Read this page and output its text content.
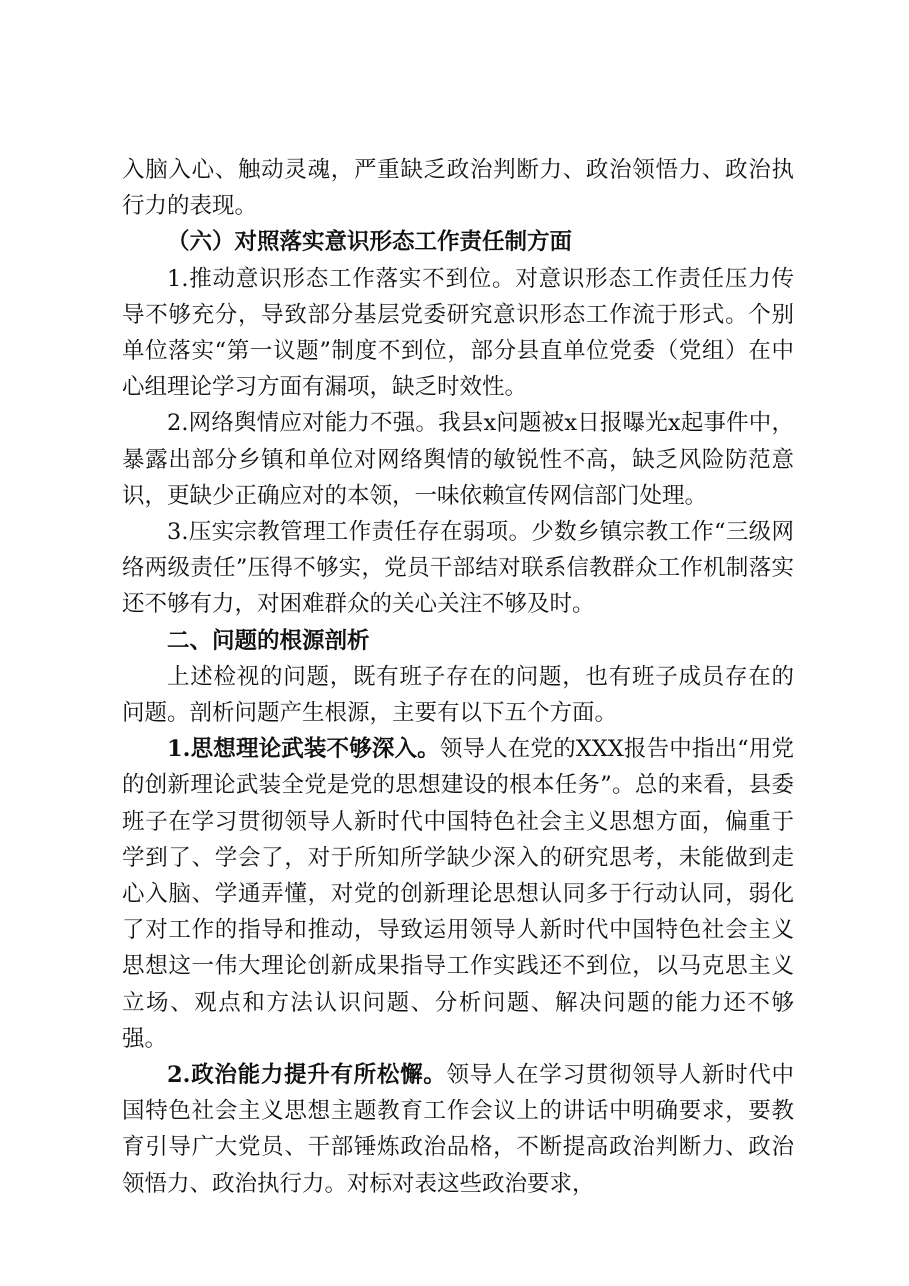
入脑入心、触动灵魂，严重缺乏政治判断力、政治领悟力、政治执行力的表现。

（六）对照落实意识形态工作责任制方面

1.推动意识形态工作落实不到位。对意识形态工作责任压力传导不够充分，导致部分基层党委研究意识形态工作流于形式。个别单位落实“第一议题”制度不到位，部分县直单位党委（党组）在中心组理论学习方面有漏项，缺乏时效性。

2.网络舆情应对能力不强。我县x问题被x日报曝光x起事件中，暴露出部分乡镇和单位对网络舆情的敏锐性不高，缺乏风险防范意识，更缺少正确应对的本领，一味依赖宣传网信部门处理。

3.压实宗教管理工作责任存在弱项。少数乡镇宗教工作“三级网络两级责任”压得不够实，党员干部结对联系信教群众工作机制落实还不够有力，对困难群众的关心关注不够及时。

二、问题的根源剖析

上述检视的问题，既有班子存在的问题，也有班子成员存在的问题。剖析问题产生根源，主要有以下五个方面。

1.思想理论武装不够深入。领导人在党的XXX报告中指出“用党的创新理论武装全党是党的思想建设的根本任务”。总的来看，县委班子在学习贯彻领导人新时代中国特色社会主义思想方面，偏重于学到了、学会了，对于所知所学缺少深入的研究思考，未能做到走心入脑、学通弄懂，对党的创新理论思想认同多于行动认同，弱化了对工作的指导和推动，导致运用领导人新时代中国特色社会主义思想这一伟大理论创新成果指导工作实践还不到位，以马克思主义立场、观点和方法认识问题、分析问题、解决问题的能力还不够强。

2.政治能力提升有所松懈。领导人在学习贯彻领导人新时代中国特色社会主义思想主题教育工作会议上的讲话中明确要求，要教育引导广大党员、干部锤炼政治品格，不断提高政治判断力、政治领悟力、政治执行力。对标对表这些政治要求，
